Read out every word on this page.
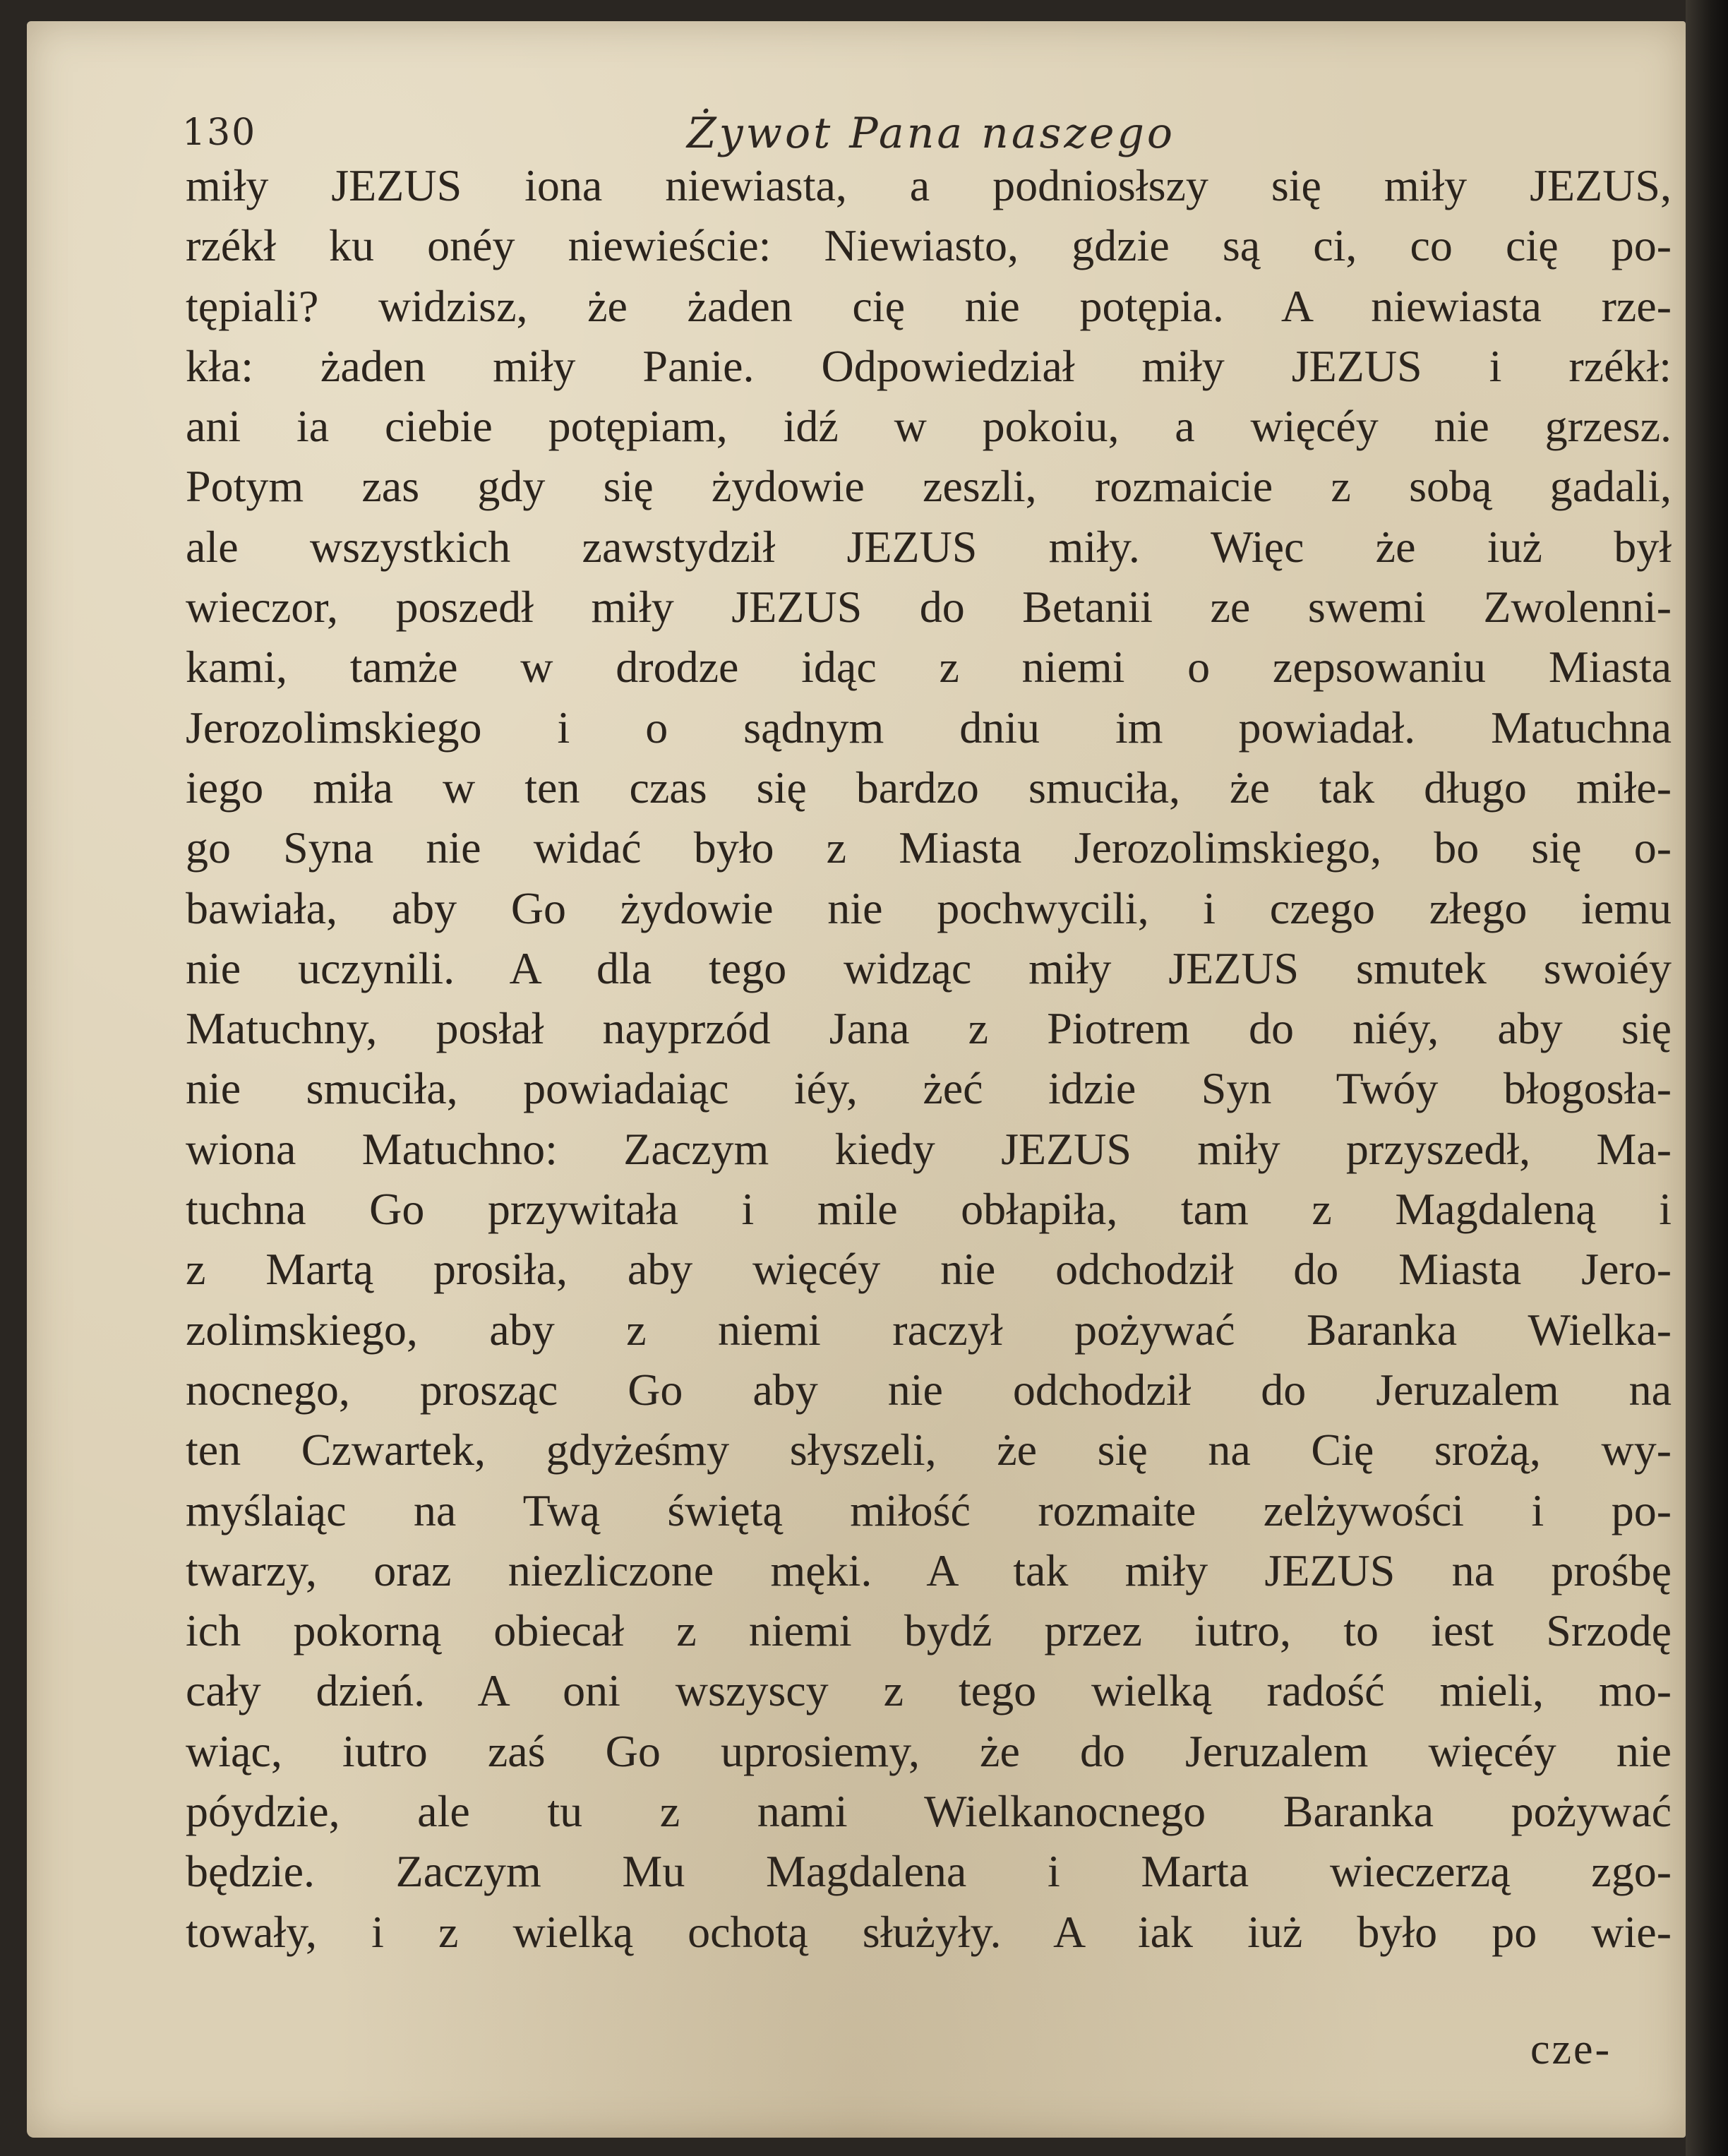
130	Żywot Pana naszego
miły JEZUS iona niewiasta, a podniosłszy się miły JEZUS,
rzékł ku onéy niewieście: Niewiasto, gdzie są ci, co cię po-
tępiali? widzisz, że żaden cię nie potępia. A niewiasta rze-
kła: żaden miły Panie. Odpowiedział miły JEZUS i rzékł:
ani ia ciebie potępiam, idź w pokoiu, a więcéy nie grzesz.
Potym zas gdy się żydowie zeszli, rozmaicie z sobą gadali,
ale wszystkich zawstydził JEZUS miły. Więc że iuż był
wieczor, poszedł miły JEZUS do Betanii ze swemi Zwolenni-
kami, tamże w drodze idąc z niemi o zepsowaniu Miasta
Jerozolimskiego i o sądnym dniu im powiadał. Matuchna
iego miła w ten czas się bardzo smuciła, że tak długo miłe-
go Syna nie widać było z Miasta Jerozolimskiego, bo się o-
bawiała, aby Go żydowie nie pochwycili, i czego złego iemu
nie uczynili. A dla tego widząc miły JEZUS smutek swoiéy
Matuchny, posłał nayprzód Jana z Piotrem do niéy, aby się
nie smuciła, powiadaiąc iéy, żeć idzie Syn Twóy błogosła-
wiona Matuchno: Zaczym kiedy JEZUS miły przyszedł, Ma-
tuchna Go przywitała i mile obłapiła, tam z Magdaleną i
z Martą prosiła, aby więcéy nie odchodził do Miasta Jero-
zolimskiego, aby z niemi raczył pożywać Baranka Wielka-
nocnego, prosząc Go aby nie odchodził do Jeruzalem na
ten Czwartek, gdyżeśmy słyszeli, że się na Cię srożą, wy-
myślaiąc na Twą świętą miłość rozmaite zelżywości i po-
twarzy, oraz niezliczone męki. A tak miły JEZUS na prośbę
ich pokorną obiecał z niemi bydź przez iutro, to iest Srzodę
cały dzień. A oni wszyscy z tego wielką radość mieli, mo-
wiąc, iutro zaś Go uprosiemy, że do Jeruzalem więcéy nie
póydzie, ale tu z nami Wielkanocnego Baranka pożywać
będzie. Zaczym Mu Magdalena i Marta wieczerzą zgo-
towały, i z wielką ochotą służyły. A iak iuż było po wie-
cze-
